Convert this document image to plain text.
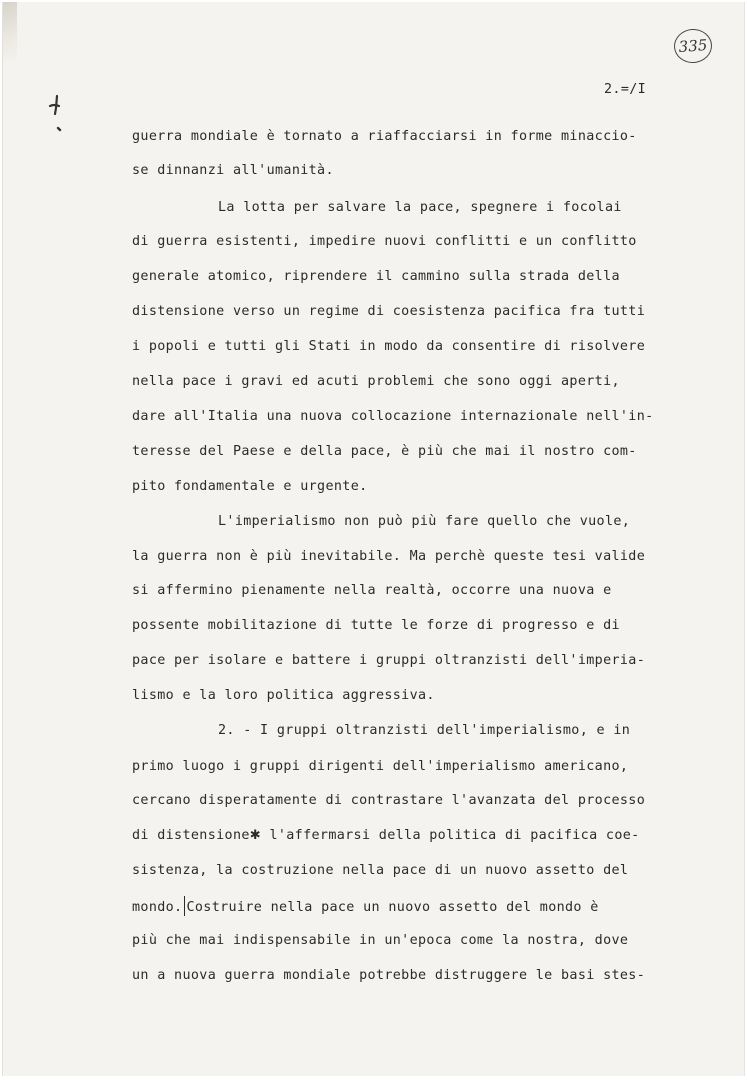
335
2.=/I
guerra mondiale è tornato a riaffacciarsi in forme minaccio-
se dinnanzi all'umanità.
La lotta per salvare la pace, spegnere i focolai
di guerra esistenti, impedire nuovi conflitti e un conflitto
generale atomico, riprendere il cammino sulla strada della
distensione verso un regime di coesistenza pacifica fra tutti
i popoli e tutti gli Stati in modo da consentire di risolvere
nella pace i gravi ed acuti problemi che sono oggi aperti,
dare all'Italia una nuova collocazione internazionale nell'in-
teresse del Paese e della pace, è più che mai il nostro com-
pito fondamentale e urgente.
L'imperialismo non può più fare quello che vuole,
la guerra non è più inevitabile. Ma perchè queste tesi valide
si affermino pienamente nella realtà, occorre una nuova e
possente mobilitazione di tutte le forze di progresso e di
pace per isolare e battere i gruppi oltranzisti dell'imperia-
lismo e la loro politica aggressiva.
2. - I gruppi oltranzisti dell'imperialismo, e in
primo luogo i gruppi dirigenti dell'imperialismo americano,
cercano disperatamente di contrastare l'avanzata del processo
di distensione✱ l'affermarsi della politica di pacifica coe-
sistenza, la costruzione nella pace di un nuovo assetto del
mondo. Costruire nella pace un nuovo assetto del mondo è
più che mai indispensabile in un'epoca come la nostra, dove
un a nuova guerra mondiale potrebbe distruggere le basi stes-
